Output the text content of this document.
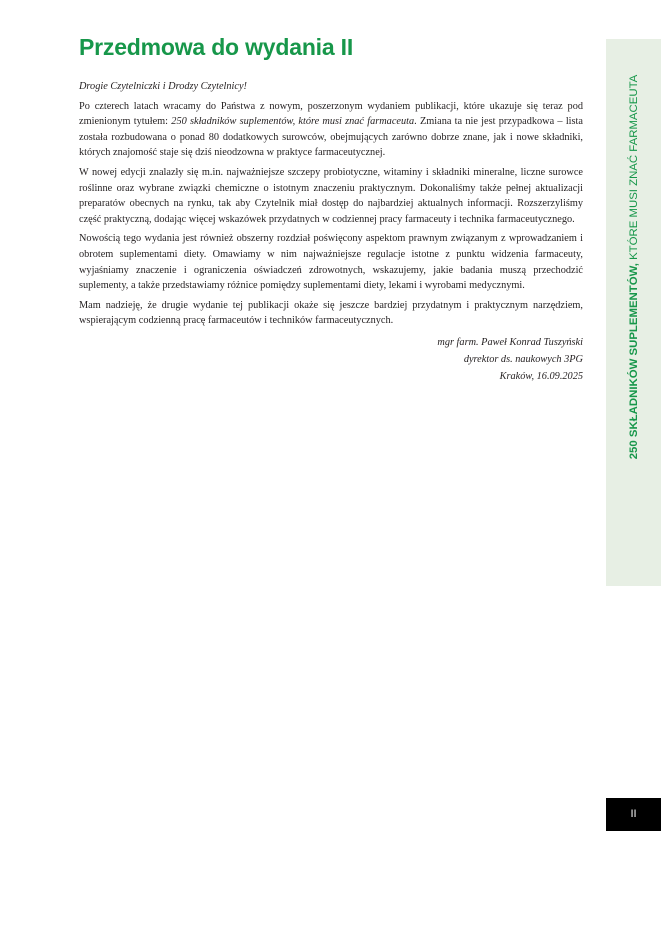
Przedmowa do wydania II

Drogie Czytelniczki i Drodzy Czytelnicy!

Po czterech latach wracamy do Państwa z nowym, poszerzonym wydaniem publikacji, które ukazuje się teraz pod zmienionym tytułem: 250 składników suplementów, które musi znać farmaceuta. Zmiana ta nie jest przypadkowa – lista została rozbudowana o ponad 80 dodatkowych surowców, obejmujących zarówno dobrze znane, jak i nowe składniki, których znajomość staje się dziś nieodzowna w praktyce farmaceutycznej.

W nowej edycji znalazły się m.in. najważniejsze szczepy probiotyczne, witaminy i składniki mineralne, liczne surowce roślinne oraz wybrane związki chemiczne o istotnym znaczeniu praktycznym. Dokonaliśmy także pełnej aktualizacji preparatów obecnych na rynku, tak aby Czytelnik miał dostęp do najbardziej aktualnych informacji. Rozszerzyliśmy część praktyczną, dodając więcej wskazówek przydatnych w codziennej pracy farmaceuty i technika farmaceutycznego.

Nowością tego wydania jest również obszerny rozdział poświęcony aspektom prawnym związanym z wprowadzaniem i obrotem suplementami diety. Omawiamy w nim najważniejsze regulacje istotne z punktu widzenia farmaceuty, wyjaśniamy znaczenie i ograniczenia oświadczeń zdrowotnych, wskazujemy, jakie badania muszą przechodzić suplementy, a także przedstawiamy różnice pomiędzy suplementami diety, lekami i wyrobami medycznymi.

Mam nadzieję, że drugie wydanie tej publikacji okaże się jeszcze bardziej przydatnym i praktycznym narzędziem, wspierającym codzienną pracę farmaceutów i techników farmaceutycznych.

mgr farm. Paweł Konrad Tuszyński
dyrektor ds. naukowych 3PG
Kraków, 16.09.2025	250 SKŁADNIKÓW SUPLEMENTÓW, KTÓRE MUSI ZNAĆ FARMACEUTA
II
